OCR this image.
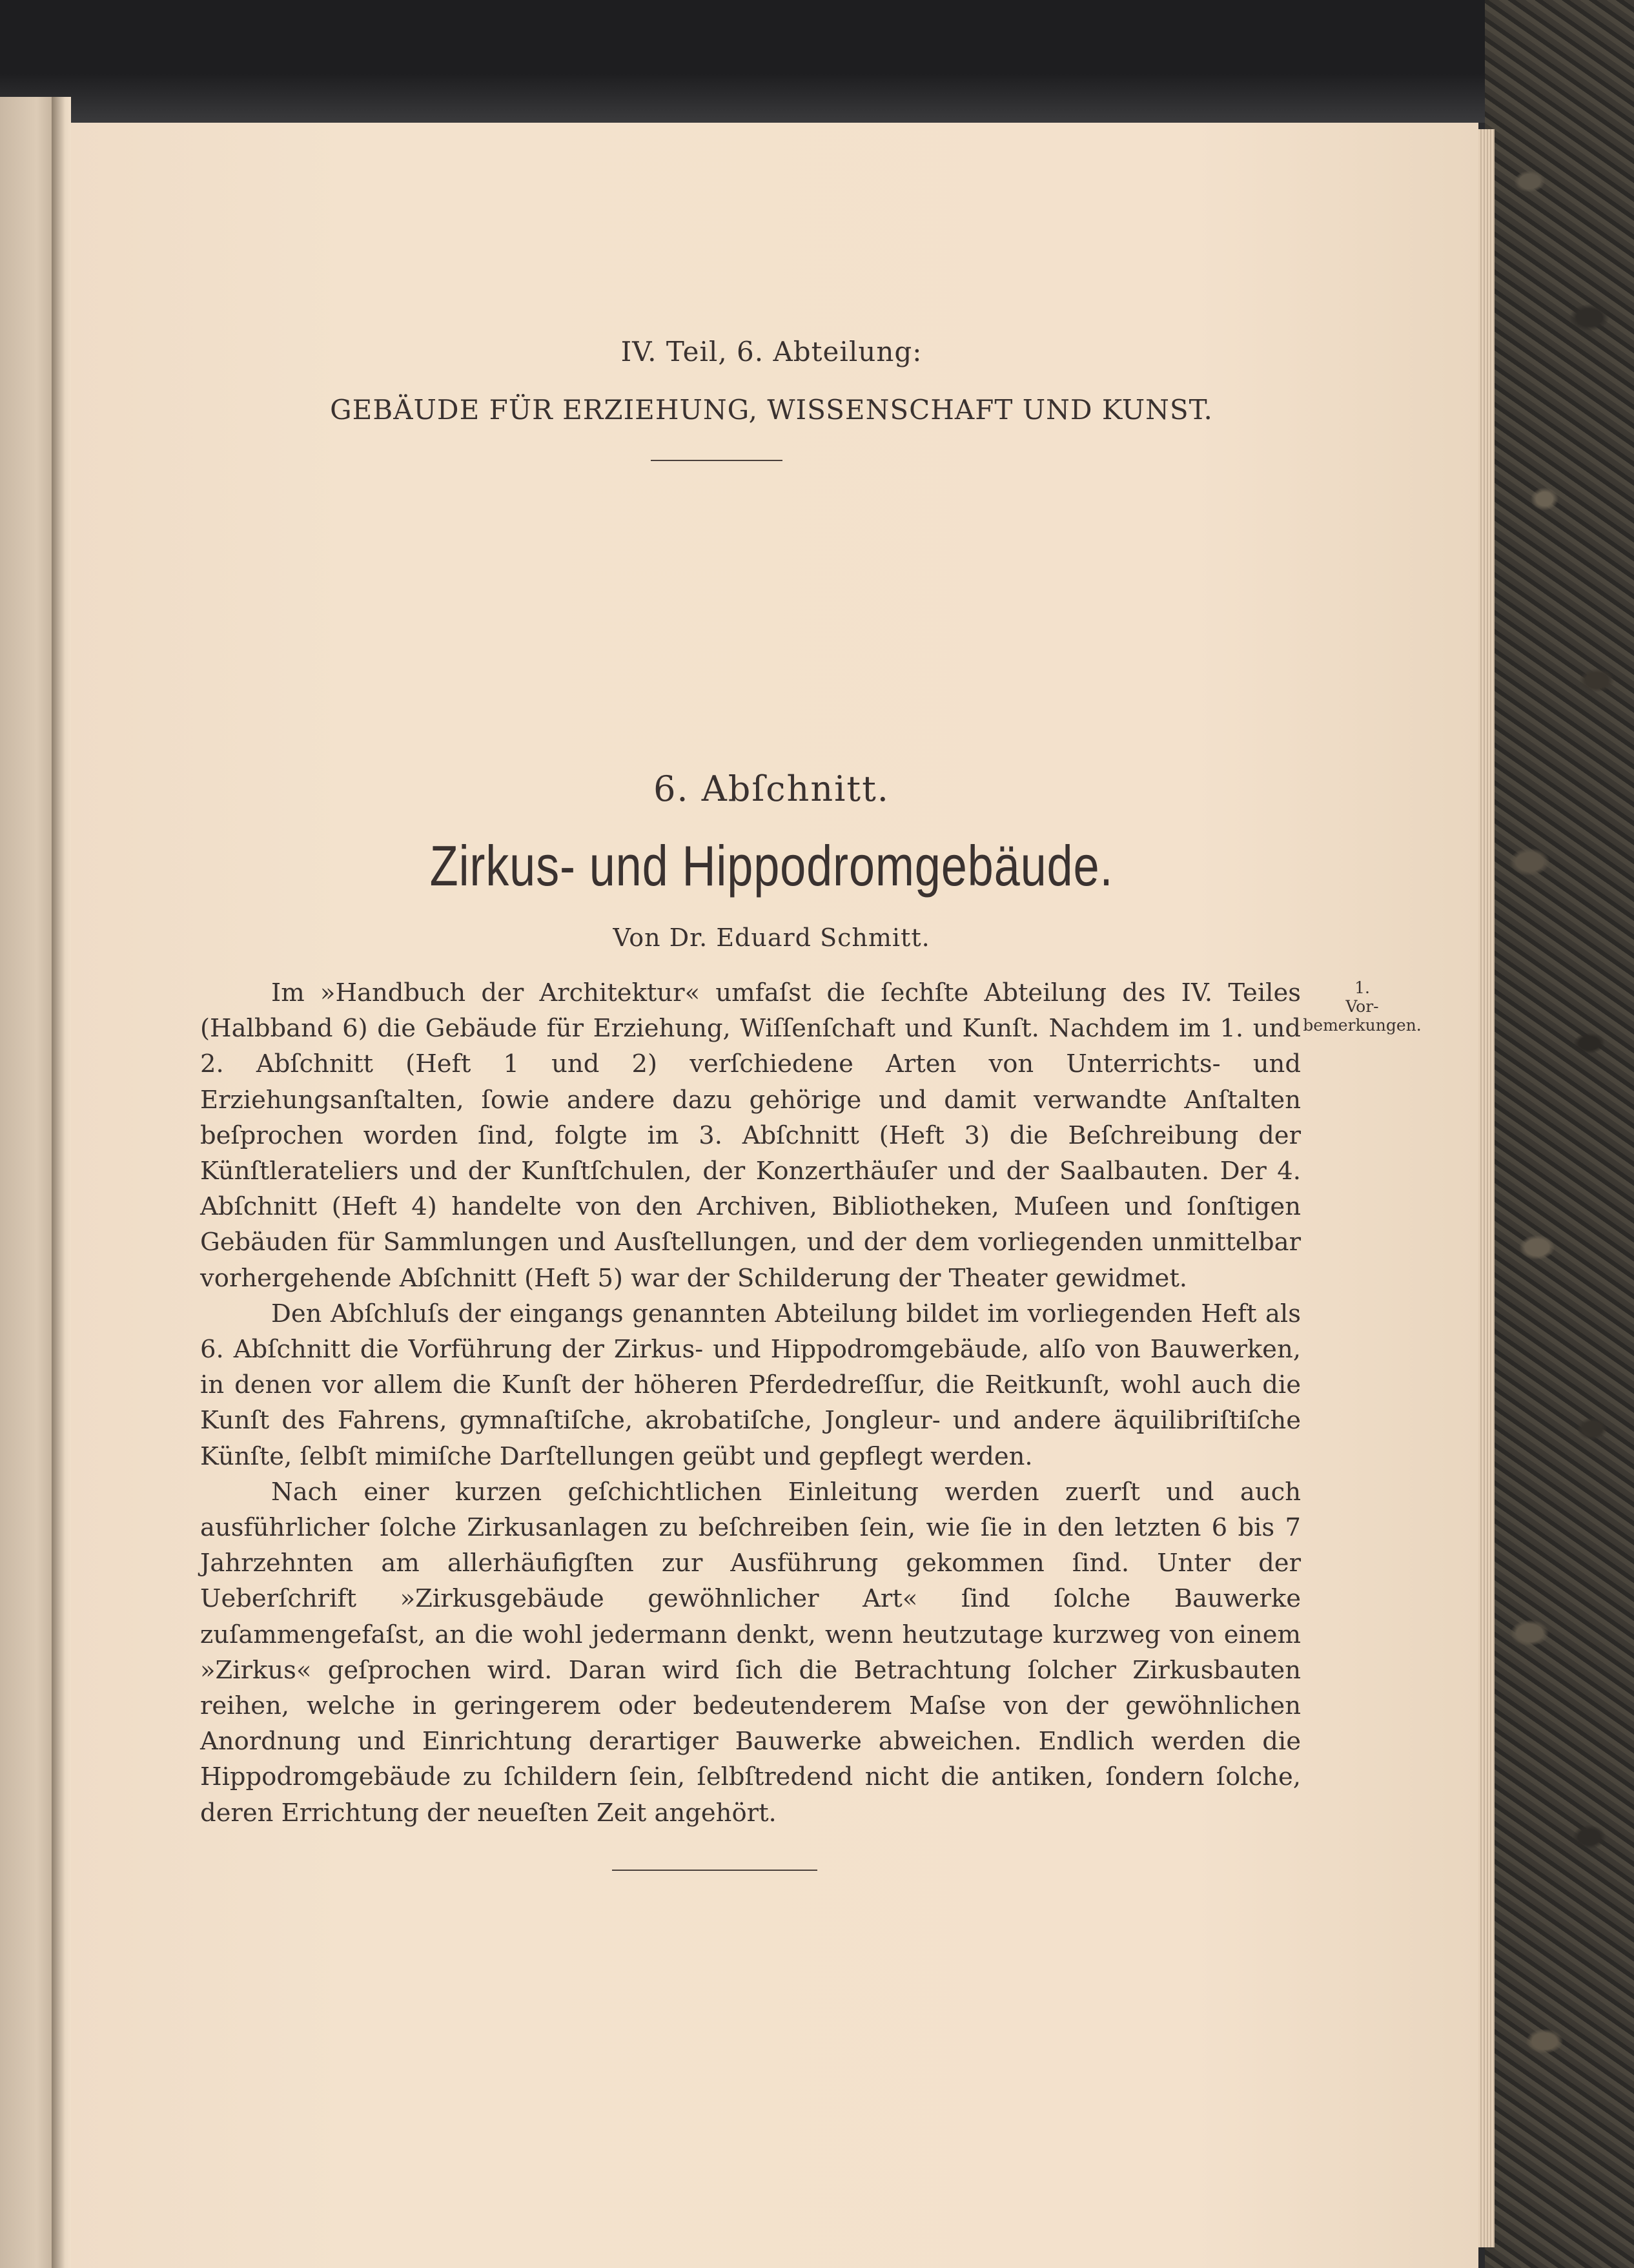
IV. Teil, 6. Abteilung:

GEBÄUDE FÜR ERZIEHUNG, WISSENSCHAFT UND KUNST.

6. Abſchnitt.

Zirkus- und Hippodromgebäude.

Von Dr. Eduard Schmitt.

1.
Vor-
bemerkungen.

Im »Handbuch der Architektur« umfaſst die ſechſte Abteilung des IV. Teiles (Halbband 6) die Gebäude für Erziehung, Wiſſenſchaft und Kunſt. Nachdem im 1. und 2. Abſchnitt (Heft 1 und 2) verſchiedene Arten von Unterrichts- und Erziehungsanſtalten, ſowie andere dazu gehörige und damit verwandte Anſtalten beſprochen worden ſind, folgte im 3. Abſchnitt (Heft 3) die Beſchreibung der Künſtlerateliers und der Kunſtſchulen, der Konzerthäuſer und der Saalbauten. Der 4. Abſchnitt (Heft 4) handelte von den Archiven, Bibliotheken, Muſeen und ſonſtigen Gebäuden für Sammlungen und Ausſtellungen, und der dem vorliegenden unmittelbar vorhergehende Abſchnitt (Heft 5) war der Schilderung der Theater gewidmet.

Den Abſchluſs der eingangs genannten Abteilung bildet im vorliegenden Heft als 6. Abſchnitt die Vorführung der Zirkus- und Hippodromgebäude, alſo von Bauwerken, in denen vor allem die Kunſt der höheren Pferdedreſſur, die Reitkunſt, wohl auch die Kunſt des Fahrens, gymnaſtiſche, akrobatiſche, Jongleur- und andere äquilibriſtiſche Künſte, ſelbſt mimiſche Darſtellungen geübt und gepflegt werden.

Nach einer kurzen geſchichtlichen Einleitung werden zuerſt und auch ausführlicher ſolche Zirkusanlagen zu beſchreiben ſein, wie ſie in den letzten 6 bis 7 Jahrzehnten am allerhäufigſten zur Ausführung gekommen ſind. Unter der Ueberſchrift »Zirkusgebäude gewöhnlicher Art« ſind ſolche Bauwerke zuſammengefaſst, an die wohl jedermann denkt, wenn heutzutage kurzweg von einem »Zirkus« geſprochen wird. Daran wird ſich die Betrachtung ſolcher Zirkusbauten reihen, welche in geringerem oder bedeutenderem Maſse von der gewöhnlichen Anordnung und Einrichtung derartiger Bauwerke abweichen. Endlich werden die Hippodromgebäude zu ſchildern ſein, ſelbſtredend nicht die antiken, ſondern ſolche, deren Errichtung der neueſten Zeit angehört.
